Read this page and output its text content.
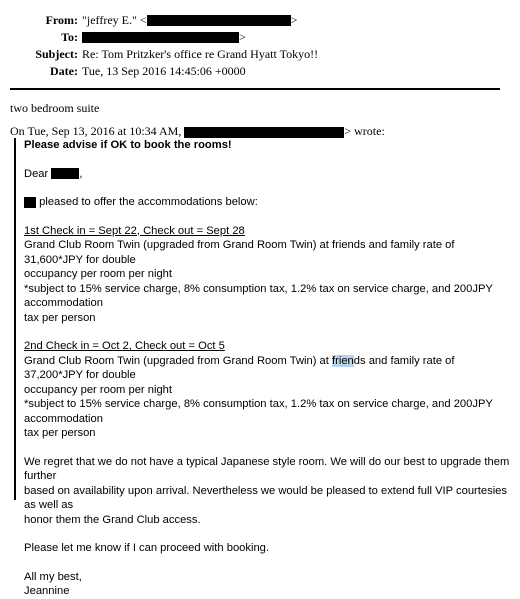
From: "jeffrey E." <	>
To:	>
Subject: Re: Tom Pritzker's office re Grand Hyatt Tokyo!!
Date: Tue, 13 Sep 2016 14:45:06 +0000
two bedroom suite
On Tue, Sep 13, 2016 at 10:34 AM,	> wrote:

Please advise if OK to book the rooms!

Dear	,

pleased to offer the accommodations below:

1st Check in = Sept 22, Check out = Sept 28

Grand Club Room Twin (upgraded from Grand Room Twin) at friends and family rate of 31,600*JPY for double

occupancy per room per night

*subject to 15% service charge, 8% consumption tax, 1.2% tax on service charge, and 200JPY accommodation

tax per person

2nd Check in = Oct 2, Check out = Oct 5

Grand Club Room Twin (upgraded from Grand Room Twin) at friends and family rate of 37,200*JPY for double

occupancy per room per night

*subject to 15% service charge, 8% consumption tax, 1.2% tax on service charge, and 200JPY accommodation

tax per person

We regret that we do not have a typical Japanese style room. We will do our best to upgrade them further

based on availability upon arrival. Nevertheless we would be pleased to extend full VIP courtesies as well as

honor them the Grand Club access.

Please let me know if I can proceed with booking.

All my best,

Jeannine
